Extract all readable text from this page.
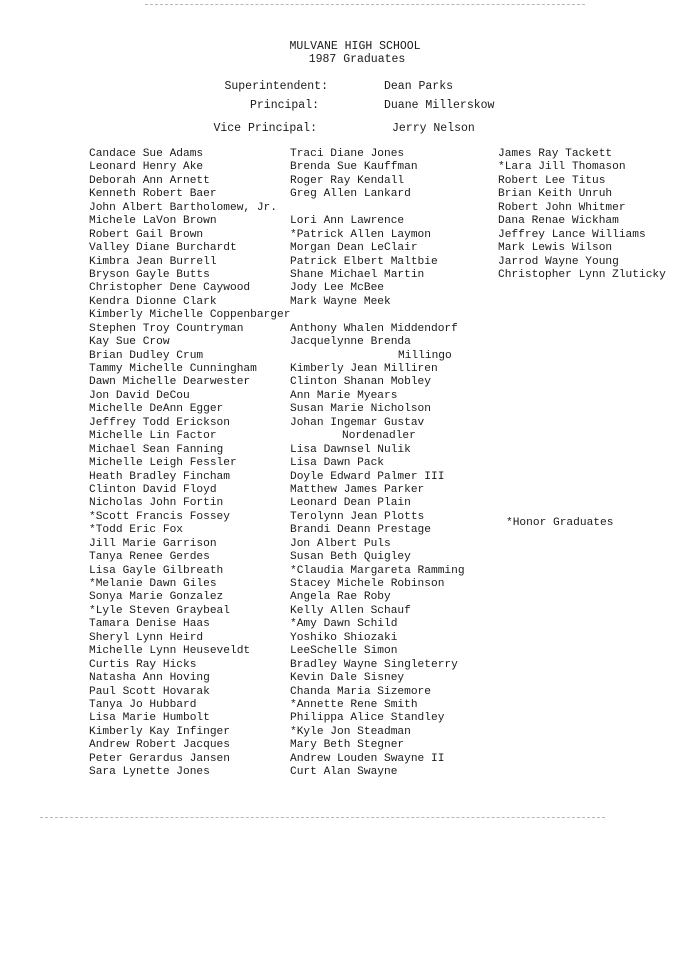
MULVANE HIGH SCHOOL
1987 Graduates
Superintendent:	Dean Parks
Principal:	Duane Millerskow
Vice Principal:	Jerry Nelson
Candace Sue Adams
Leonard Henry Ake
Deborah Ann Arnett
Kenneth Robert Baer
John Albert Bartholomew, Jr.
Michele LaVon Brown
Robert Gail Brown
Valley Diane Burchardt
Kimbra Jean Burrell
Bryson Gayle Butts
Christopher Dene Caywood
Kendra Dionne Clark
Kimberly Michelle Coppenbarger
Stephen Troy Countryman
Kay Sue Crow
Brian Dudley Crum
Tammy Michelle Cunningham
Dawn Michelle Dearwester
Jon David DeCou
Michelle DeAnn Egger
Jeffrey Todd Erickson
Michelle Lin Factor
Michael Sean Fanning
Michelle Leigh Fessler
Heath Bradley Fincham
Clinton David Floyd
Nicholas John Fortin
*Scott Francis Fossey
*Todd Eric Fox
Jill Marie Garrison
Tanya Renee Gerdes
Lisa Gayle Gilbreath
*Melanie Dawn Giles
Sonya Marie Gonzalez
*Lyle Steven Graybeal
Tamara Denise Haas
Sheryl Lynn Heird
Michelle Lynn Heuseveldt
Curtis Ray Hicks
Natasha Ann Hoving
Paul Scott Hovarak
Tanya Jo Hubbard
Lisa Marie Humbolt
Kimberly Kay Infinger
Andrew Robert Jacques
Peter Gerardus Jansen
Sara Lynette Jones
Traci Diane Jones
Brenda Sue Kauffman
Roger Ray Kendall
Greg Allen Lankard
Lori Ann Lawrence
*Patrick Allen Laymon
Morgan Dean LeClair
Patrick Elbert Maltbie
Shane Michael Martin
Jody Lee McBee
Mark Wayne Meek
Anthony Whalen Middendorf
Jacquelynne Brenda
Millingo
Kimberly Jean Milliren
Clinton Shanan Mobley
Ann Marie Myears
Susan Marie Nicholson
Johan Ingemar Gustav
Nordenadler
Lisa Dawnsel Nulik
Lisa Dawn Pack
Doyle Edward Palmer III
Matthew James Parker
Leonard Dean Plain
Terolynn Jean Plotts
Brandi Deann Prestage
Jon Albert Puls
Susan Beth Quigley
*Claudia Margareta Ramming
Stacey Michele Robinson
Angela Rae Roby
Kelly Allen Schauf
*Amy Dawn Schild
Yoshiko Shiozaki
LeeSchelle Simon
Bradley Wayne Singleterry
Kevin Dale Sisney
Chanda Maria Sizemore
*Annette Rene Smith
Philippa Alice Standley
*Kyle Jon Steadman
Mary Beth Stegner
Andrew Louden Swayne II
Curt Alan Swayne
James Ray Tackett
*Lara Jill Thomason
Robert Lee Titus
Brian Keith Unruh
Robert John Whitmer
Dana Renae Wickham
Jeffrey Lance Williams
Mark Lewis Wilson
Jarrod Wayne Young
Christopher Lynn Zlutickу
*Honor Graduates
